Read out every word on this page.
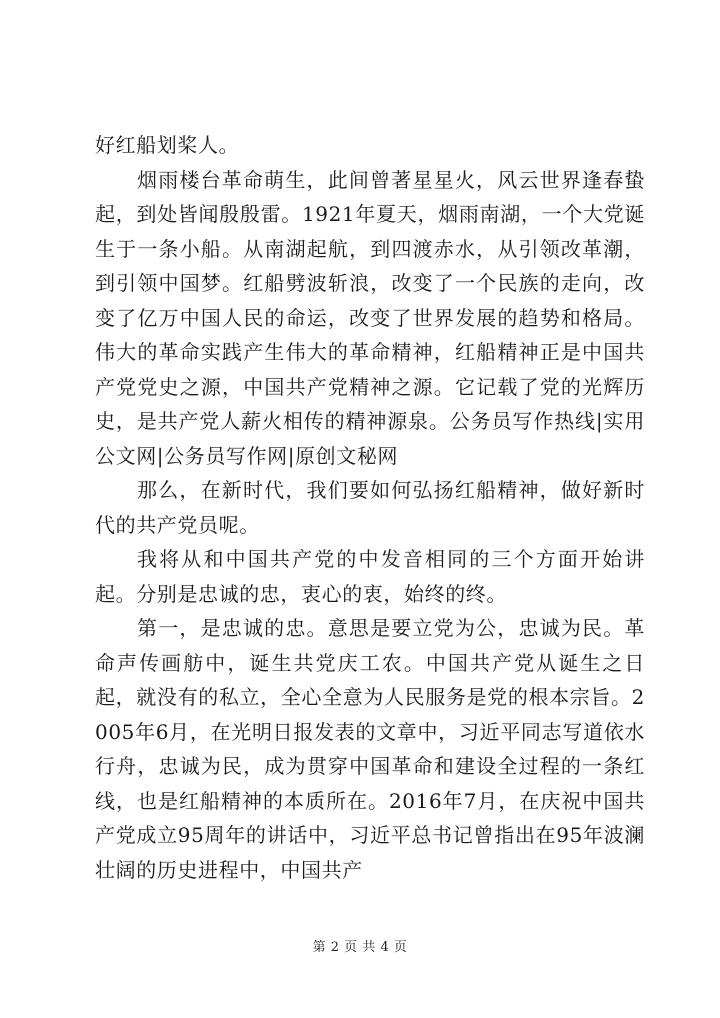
好红船划桨人。

烟雨楼台革命萌生，此间曾著星星火，风云世界逢春蛰起，到处皆闻殷殷雷。1921年夏天，烟雨南湖，一个大党诞生于一条小船。从南湖起航，到四渡赤水，从引领改革潮，到引领中国梦。红船劈波斩浪，改变了一个民族的走向，改变了亿万中国人民的命运，改变了世界发展的趋势和格局。伟大的革命实践产生伟大的革命精神，红船精神正是中国共产党党史之源，中国共产党精神之源。它记载了党的光辉历史，是共产党人薪火相传的精神源泉。公务员写作热线|实用公文网|公务员写作网|原创文秘网

那么，在新时代，我们要如何弘扬红船精神，做好新时代的共产党员呢。

我将从和中国共产党的中发音相同的三个方面开始讲起。分别是忠诚的忠，衷心的衷，始终的终。

第一，是忠诚的忠。意思是要立党为公，忠诚为民。革命声传画舫中，诞生共党庆工农。中国共产党从诞生之日起，就没有的私立，全心全意为人民服务是党的根本宗旨。2005年6月，在光明日报发表的文章中，习近平同志写道依水行舟，忠诚为民，成为贯穿中国革命和建设全过程的一条红线，也是红船精神的本质所在。2016年7月，在庆祝中国共产党成立95周年的讲话中，习近平总书记曾指出在95年波澜壮阔的历史进程中，中国共产

第 2 页 共 4 页
